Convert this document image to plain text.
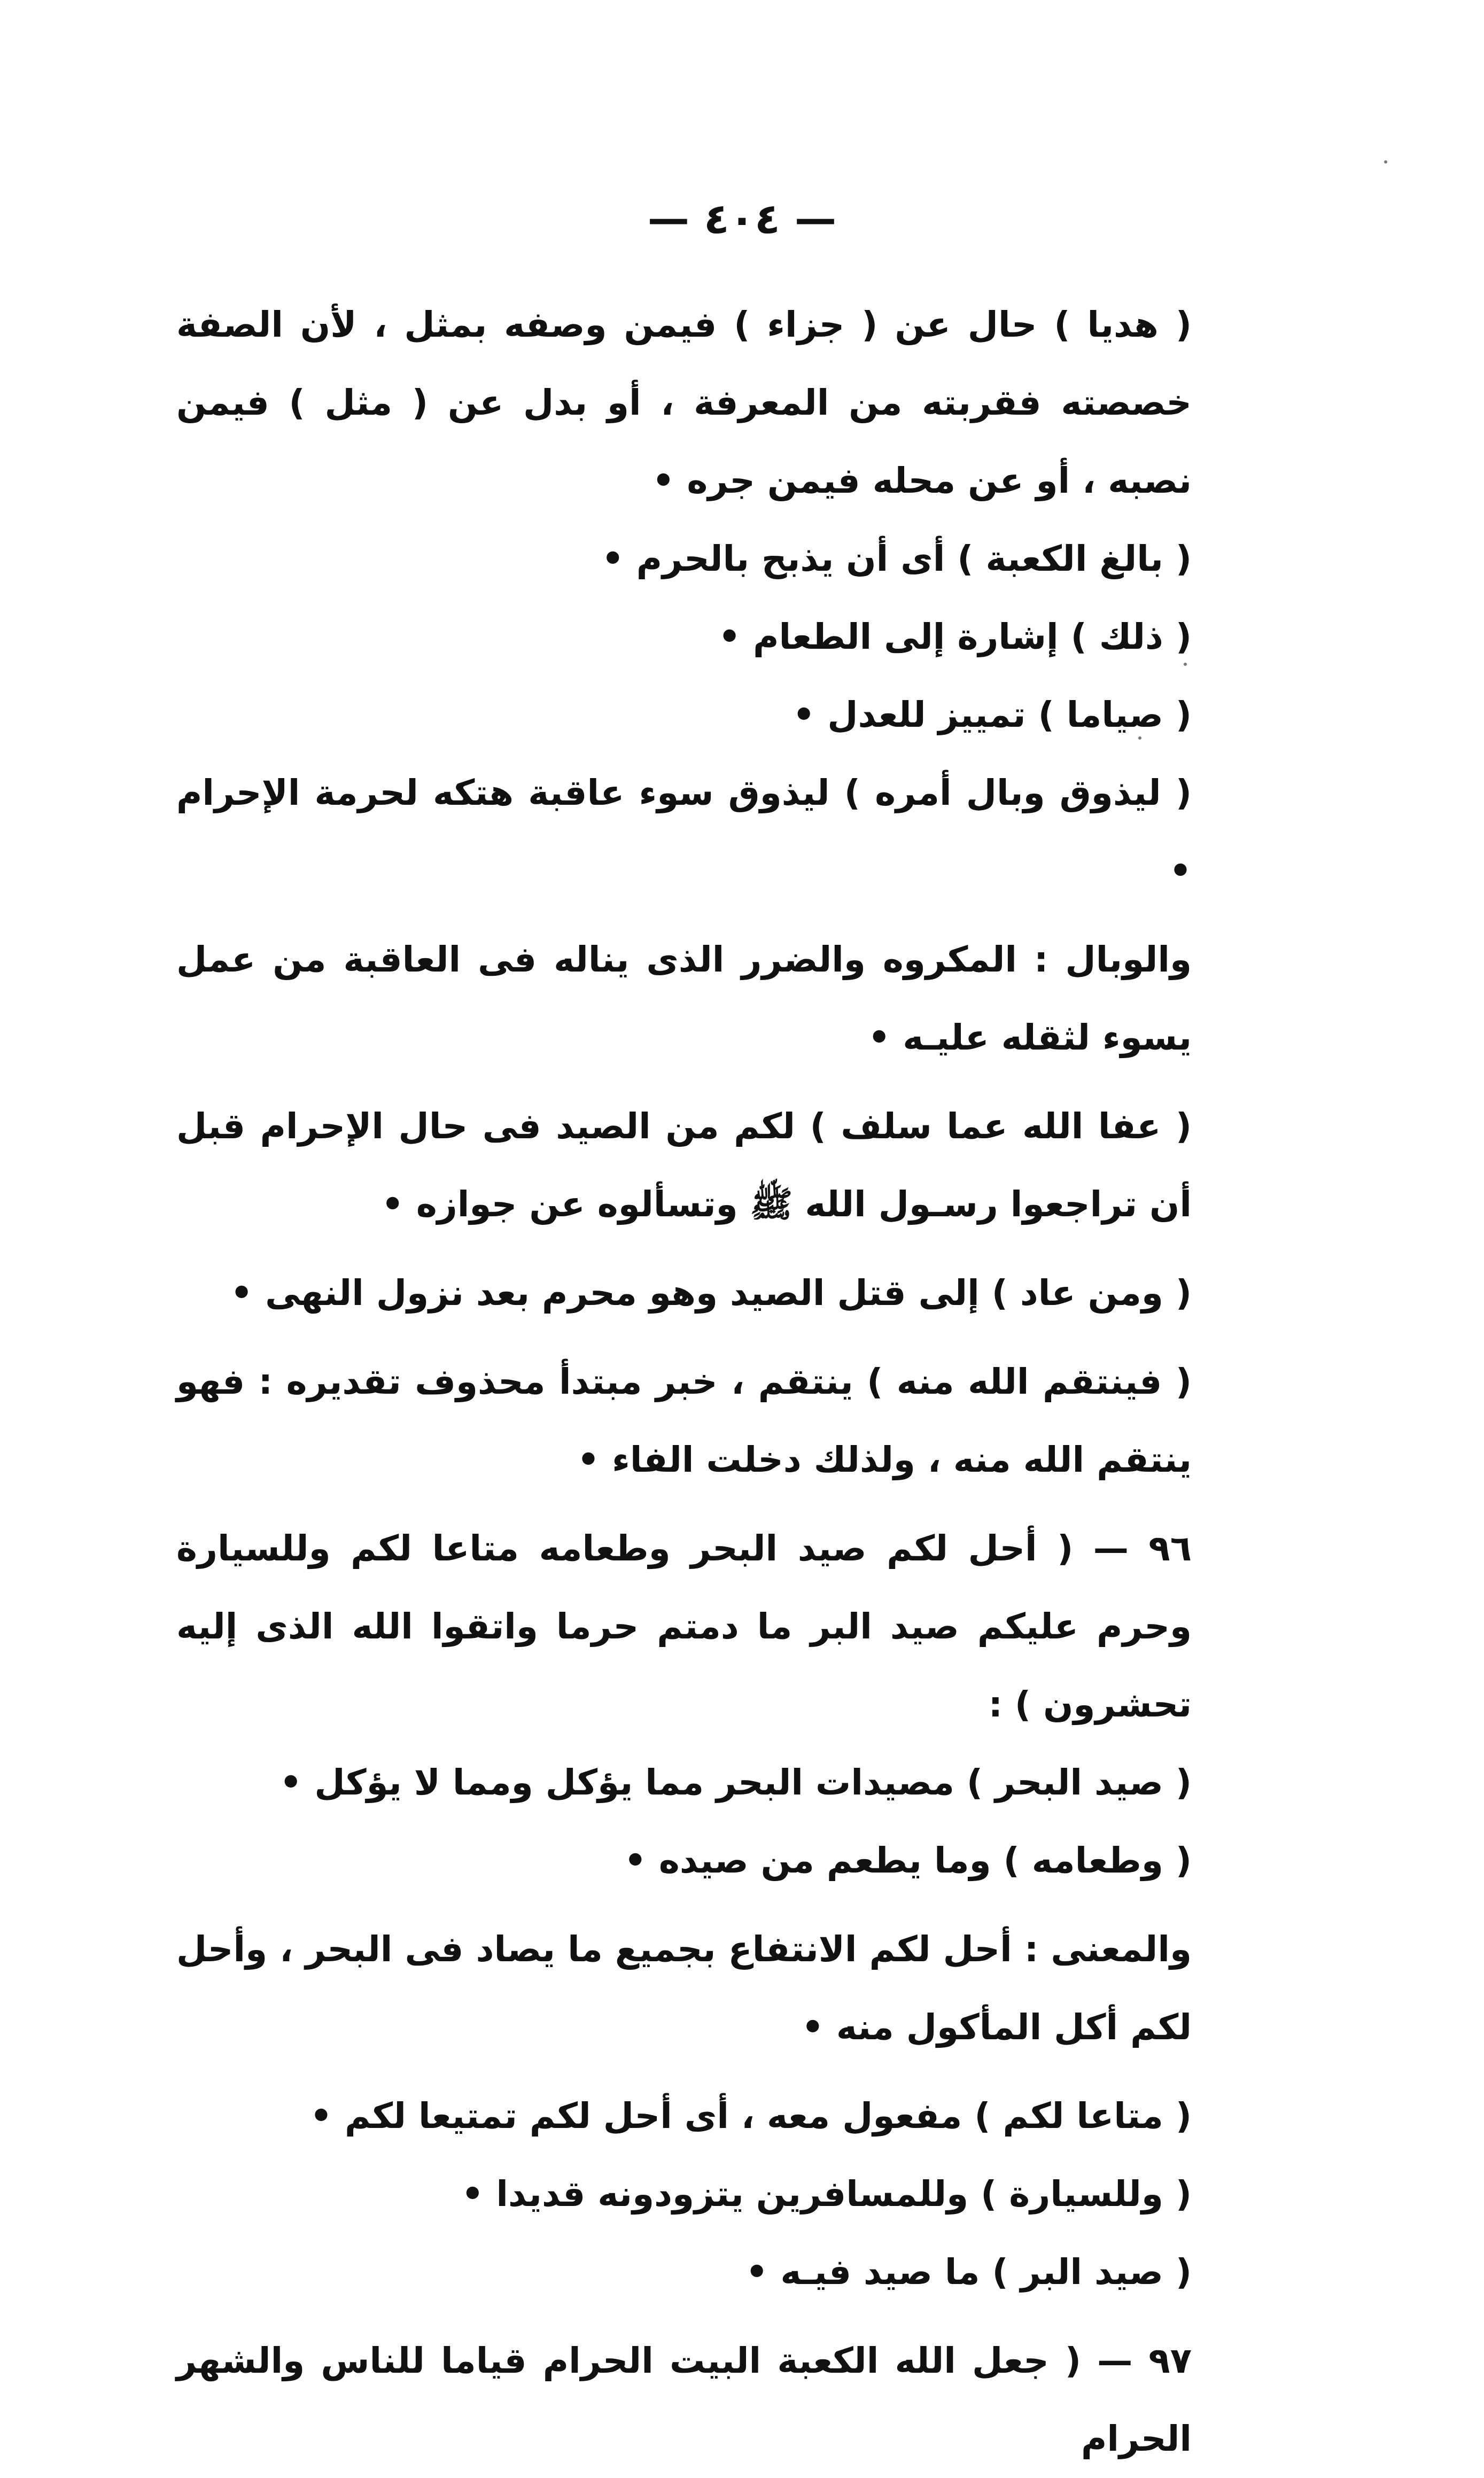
— ٤٠٤ —

( هديا ) حال عن ( جزاء ) فيمن وصفه بمثل ، لأن الصفة خصصته فقربته من المعرفة ، أو بدل عن ( مثل ) فيمن نصبه ، أو عن محله فيمن جره •

( بالغ الكعبة ) أى أن يذبح بالحرم •

( ذلك ) إشارة إلى الطعام •

( صياما ) تمييز للعدل •

( ليذوق وبال أمره ) ليذوق سوء عاقبة هتكه لحرمة الإحرام •

والوبال : المكروه والضرر الذى يناله فى العاقبة من عمل يسوء لثقله عليـه •

( عفا الله عما سلف ) لكم من الصيد فى حال الإحرام قبل أن تراجعوا رسـول الله ﷺ وتسألوه عن جوازه •

( ومن عاد ) إلى قتل الصيد وهو محرم بعد نزول النهى •

( فينتقم الله منه ) ينتقم ، خبر مبتدأ محذوف تقديره : فهو ينتقم الله منه ، ولذلك دخلت الفاء •

٩٦ — ( أحل لكم صيد البحر وطعامه متاعا لكم وللسيارة وحرم عليكم صيد البر ما دمتم حرما واتقوا الله الذى إليه تحشرون ) :

( صيد البحر ) مصيدات البحر مما يؤكل ومما لا يؤكل •

( وطعامه ) وما يطعم من صيده •

والمعنى : أحل لكم الانتفاع بجميع ما يصاد فى البحر ، وأحل لكم أكل المأكول منه •

( متاعا لكم ) مفعول معه ، أى أحل لكم تمتيعا لكم •

( وللسيارة ) وللمسافرين يتزودونه قديدا •

( صيد البر ) ما صيد فيـه •

٩٧ — ( جعل الله الكعبة البيت الحرام قياما للناس والشهر الحرام
